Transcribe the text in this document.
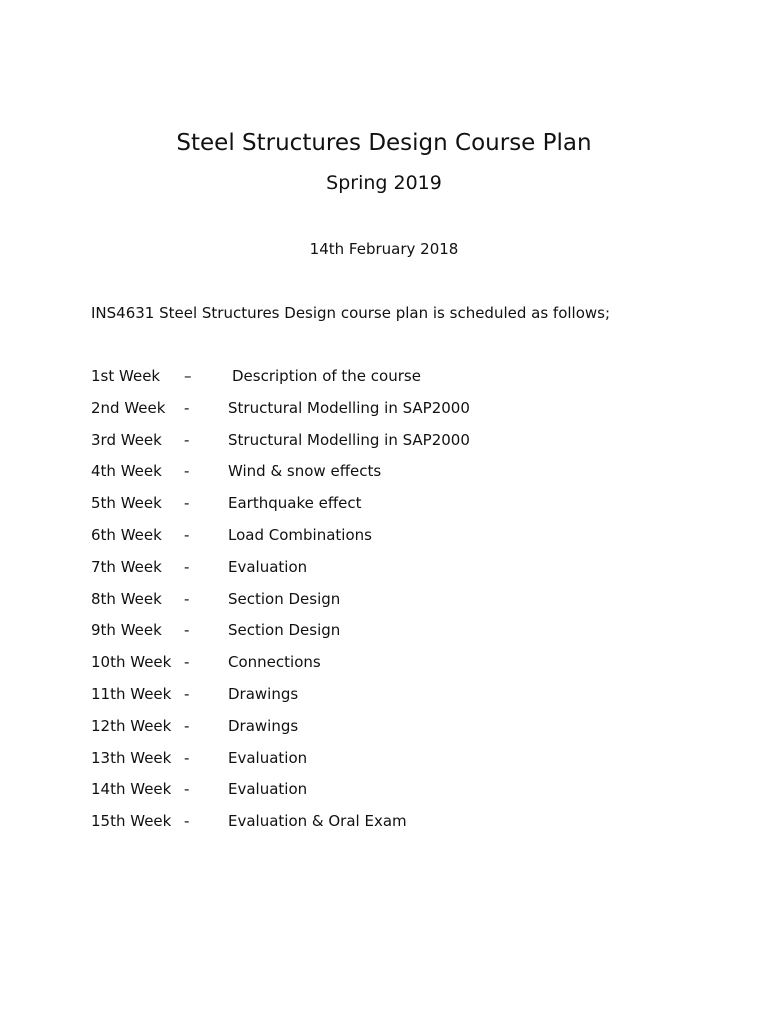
Steel Structures Design Course Plan
Spring 2019
14th February 2018
INS4631 Steel Structures Design course plan is scheduled as follows;
1st Week –	Description of the course
2nd Week -	Structural Modelling in SAP2000
3rd Week -	Structural Modelling in SAP2000
4th Week -	Wind & snow effects
5th Week -	Earthquake effect
6th Week -	Load Combinations
7th Week -	Evaluation
8th Week -	Section Design
9th Week -	Section Design
10th Week -	Connections
11th Week -	Drawings
12th Week -	Drawings
13th Week -	Evaluation
14th Week -	Evaluation
15th Week -	Evaluation & Oral Exam
